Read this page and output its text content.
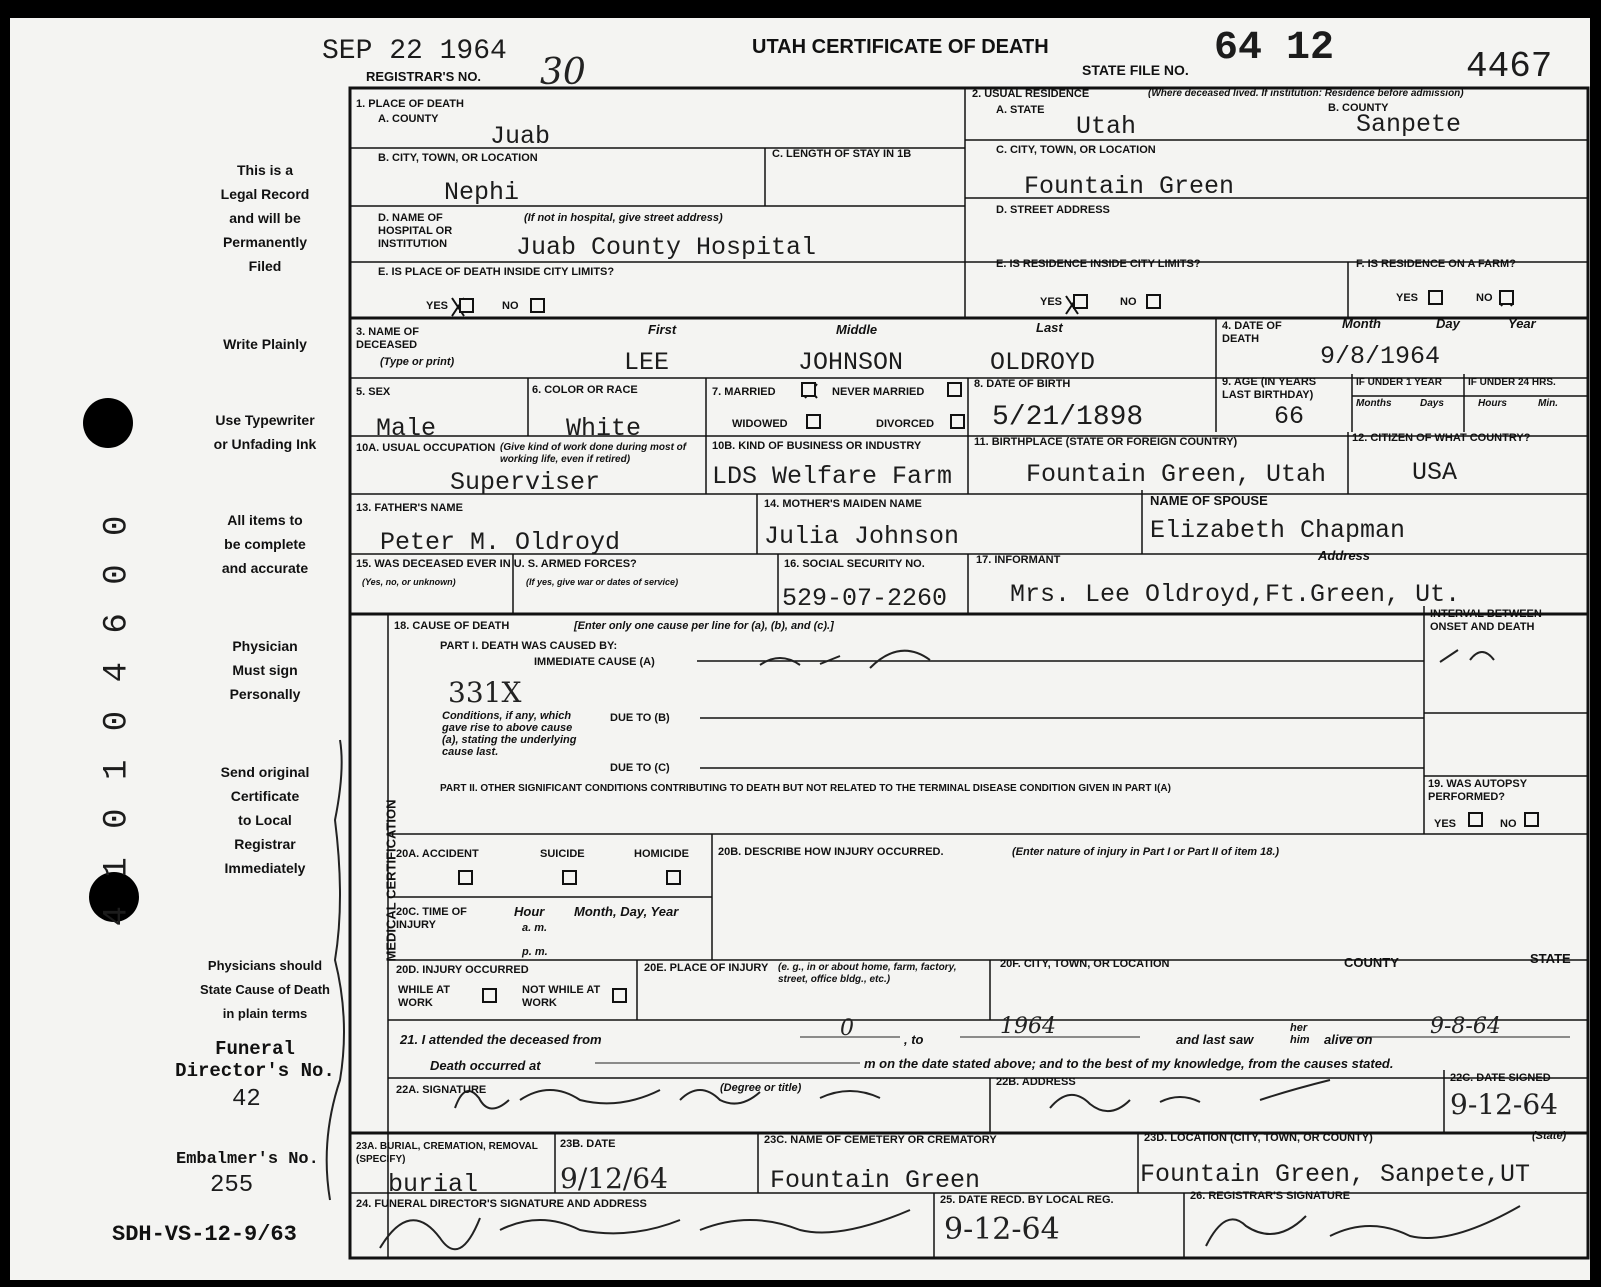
SEP 22 1964
REGISTRAR'S NO. 30
UTAH CERTIFICATE OF DEATH
STATE FILE NO. 64 12	4467
This is a
Legal Record
and will be
Permanently
Filed
Write Plainly
Use Typewriter
or Unfading Ink
All items to
be complete
and accurate
Physician
Must sign
Personally
Send original
Certificate
to Local
Registrar
Immediately
Physicians should
State Cause of Death
in plain terms
Funeral
Director's No.
42
Embalmer's No.
255
SDH-VS-12-9/63
4 1 0 1 0 4 6 0 0
1. PLACE OF DEATH
A. COUNTY
Juab
B. CITY, TOWN, OR LOCATION
Nephi
C. LENGTH OF STAY IN 1B
D. NAME OF HOSPITAL OR INSTITUTION
(If not in hospital, give street address)
Juab County Hospital
E. IS PLACE OF DEATH INSIDE CITY LIMITS?
YES	NO
2. USUAL RESIDENCE	(Where deceased lived. If institution: Residence before admission)
A. STATE
Utah
B. COUNTY
Sanpete
C. CITY, TOWN, OR LOCATION
Fountain Green
D. STREET ADDRESS
E. IS RESIDENCE INSIDE CITY LIMITS?
YES	NO
F. IS RESIDENCE ON A FARM?
YES	NO
3. NAME OF DECEASED
(Type or print)
First	Middle	Last
LEE	JOHNSON	OLDROYD
4. DATE OF DEATH
Month	Day	Year
9/8/1964
5. SEX
Male
6. COLOR OR RACE
White
7. MARRIED	NEVER MARRIED
WIDOWED	DIVORCED
8. DATE OF BIRTH
5/21/1898
9. AGE (IN YEARS LAST BIRTHDAY)
66
IF UNDER 1 YEAR	IF UNDER 24 HRS.
Months	Days	Hours	Min.
10A. USUAL OCCUPATION (Give kind of work done during most of working life, even if retired)
Superviser
10B. KIND OF BUSINESS OR INDUSTRY
LDS Welfare Farm
11. BIRTHPLACE (STATE OR FOREIGN COUNTRY)
Fountain Green, Utah
12. CITIZEN OF WHAT COUNTRY?
USA
13. FATHER'S NAME
Peter M. Oldroyd
14. MOTHER'S MAIDEN NAME
Julia Johnson
NAME OF SPOUSE
Elizabeth Chapman
15. WAS DECEASED EVER IN U. S. ARMED FORCES?
(Yes, no, or unknown)	(If yes, give war or dates of service)
16. SOCIAL SECURITY NO.
529-07-2260
17. INFORMANT	Address
Mrs. Lee Oldroyd,Ft.Green, Ut.
MEDICAL CERTIFICATION
18. CAUSE OF DEATH	[Enter only one cause per line for (a), (b), and (c).]
PART I. DEATH WAS CAUSED BY:
IMMEDIATE CAUSE (A)
331X
Conditions, if any, which gave rise to above cause (a), stating the underlying cause last.
DUE TO (B)
DUE TO (C)
INTERVAL BETWEEN ONSET AND DEATH
PART II. OTHER SIGNIFICANT CONDITIONS CONTRIBUTING TO DEATH BUT NOT RELATED TO THE TERMINAL DISEASE CONDITION GIVEN IN PART I(A)	19. WAS AUTOPSY PERFORMED?
YES	NO
20A. ACCIDENT	SUICIDE	HOMICIDE	20B. DESCRIBE HOW INJURY OCCURRED.	(Enter nature of injury in Part I or Part II of item 18.)
20C. TIME OF INJURY
Hour
a. m.
p. m.
Month, Day, Year
20D. INJURY OCCURRED
WHILE AT WORK
NOT WHILE AT WORK
20E. PLACE OF INJURY (e. g., in or about home, farm, factory, street, office bldg., etc.)
20F. CITY, TOWN, OR LOCATION	COUNTY	STATE
21. I attended the deceased from	0	, to
1964
and last saw
her him	alive on
9-8-64
Death occurred at	m on the date stated above; and to the best of my knowledge, from the causes stated.
22A. SIGNATURE	(Degree or title)	22B. ADDRESS	22C. DATE SIGNED
9-12-64
23A. BURIAL, CREMATION, REMOVAL (SPECIFY)
burial
23B. DATE
9/12/64
23C. NAME OF CEMETERY OR CREMATORY
Fountain Green
23D. LOCATION (CITY, TOWN, OR COUNTY)	(State)
Fountain Green, Sanpete,UT
24. FUNERAL DIRECTOR'S SIGNATURE AND ADDRESS	25. DATE RECD. BY LOCAL REG.
9-12-64
26. REGISTRAR'S SIGNATURE
